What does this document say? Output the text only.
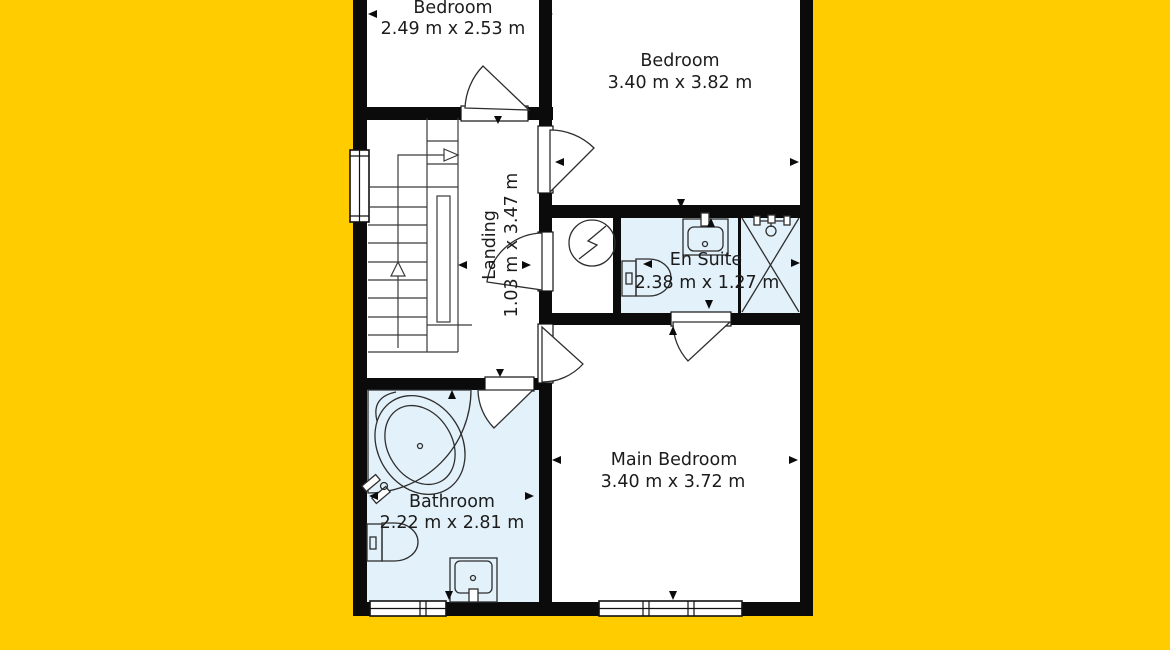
Bedroom
2.49 m x 2.53 m
Bedroom
3.40 m x 3.82 m
Landing 1.03 m x 3.47 m	En Suite
2.38 m x 1.27 m
Main Bedroom
3.40 m x 3.72 m
Bathroom
2.22 m x 2.81 m
